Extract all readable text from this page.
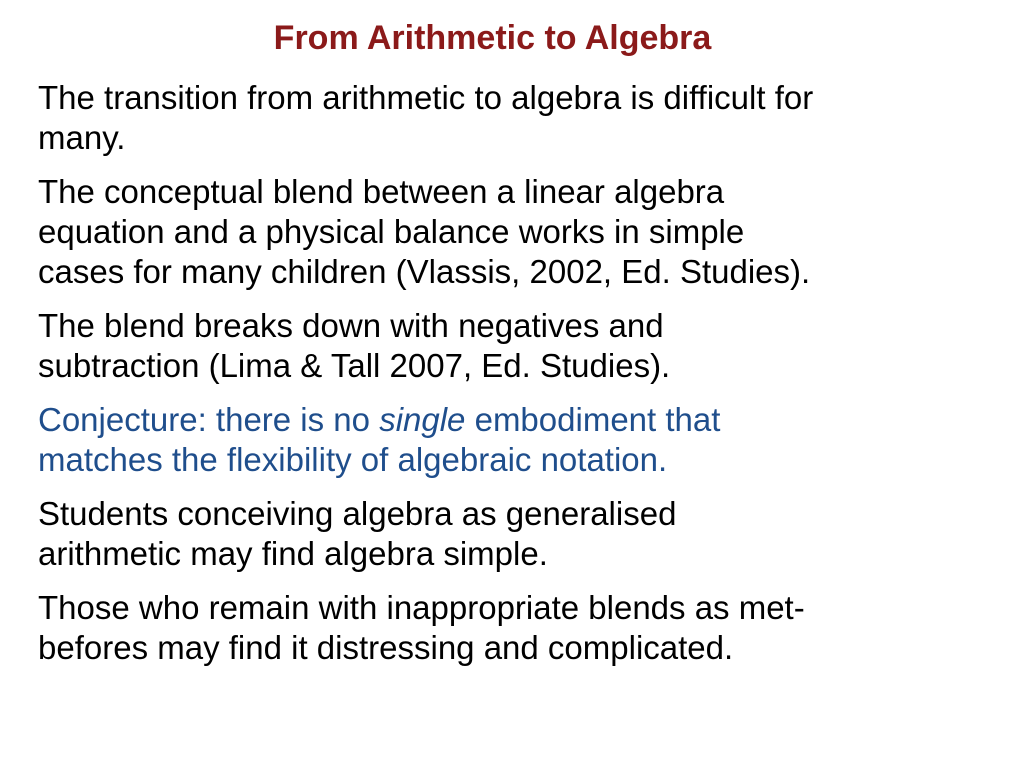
From Arithmetic to Algebra

The transition from arithmetic to algebra is difficult for
many.

The conceptual blend between a linear algebra
equation and a physical balance works in simple
cases for many children (Vlassis, 2002, Ed. Studies).

The blend breaks down with negatives and
subtraction (Lima & Tall 2007, Ed. Studies).

Conjecture: there is no single embodiment that
matches the flexibility of algebraic notation.

Students conceiving algebra as generalised
arithmetic may find algebra simple.

Those who remain with inappropriate blends as met-
befores may find it distressing and complicated.
